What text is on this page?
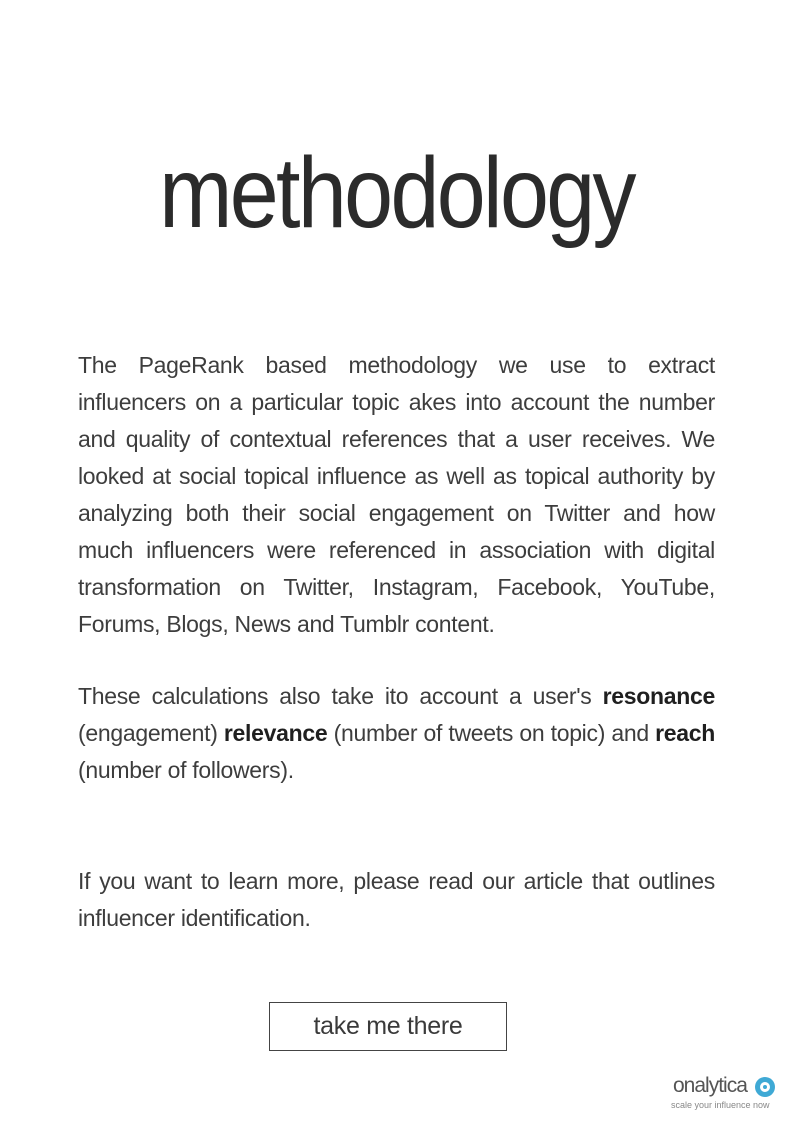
methodology
The PageRank based methodology we use to extract influencers on a particular topic akes into account the number and quality of contextual references that a user receives. We looked at social topical influence as well as topical authority by analyzing both their social engagement on Twitter and how much influencers were referenced in association with digital transformation on Twitter, Instagram, Facebook, YouTube, Forums, Blogs, News and Tumblr content.
These calculations also take ito account a user's resonance (engagement) relevance (number of tweets on topic) and reach (number of followers).
If you want to learn more, please read our article that outlines influencer identification.
take me there
onalytica
scale your influence now
